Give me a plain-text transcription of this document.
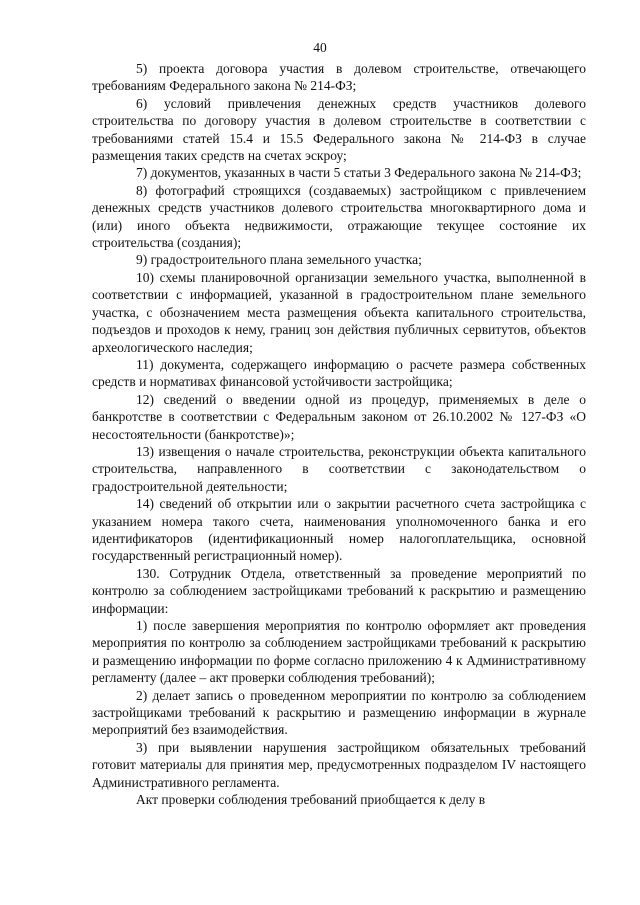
40

5) проекта договора участия в долевом строительстве, отвечающего требованиям Федерального закона № 214-ФЗ;

6) условий привлечения денежных средств участников долевого строительства по договору участия в долевом строительстве в соответствии с требованиями статей 15.4 и 15.5 Федерального закона № 214-ФЗ в случае размещения таких средств на счетах эскроу;

7) документов, указанных в части 5 статьи 3 Федерального закона № 214-ФЗ;

8) фотографий строящихся (создаваемых) застройщиком с привлечением денежных средств участников долевого строительства многоквартирного дома и (или) иного объекта недвижимости, отражающие текущее состояние их строительства (создания);

9) градостроительного плана земельного участка;

10) схемы планировочной организации земельного участка, выполненной в соответствии с информацией, указанной в градостроительном плане земельного участка, с обозначением места размещения объекта капитального строительства, подъездов и проходов к нему, границ зон действия публичных сервитутов, объектов археологического наследия;

11) документа, содержащего информацию о расчете размера собственных средств и нормативах финансовой устойчивости застройщика;

12) сведений о введении одной из процедур, применяемых в деле о банкротстве в соответствии с Федеральным законом от 26.10.2002 № 127-ФЗ «О несостоятельности (банкротстве)»;

13) извещения о начале строительства, реконструкции объекта капитального строительства, направленного в соответствии с законодательством о градостроительной деятельности;

14) сведений об открытии или о закрытии расчетного счета застройщика с указанием номера такого счета, наименования уполномоченного банка и его идентификаторов (идентификационный номер налогоплательщика, основной государственный регистрационный номер).

130. Сотрудник Отдела, ответственный за проведение мероприятий по контролю за соблюдением застройщиками требований к раскрытию и размещению информации:

1) после завершения мероприятия по контролю оформляет акт проведения мероприятия по контролю за соблюдением застройщиками требований к раскрытию и размещению информации по форме согласно приложению 4 к Административному регламенту (далее – акт проверки соблюдения требований);

2) делает запись о проведенном мероприятии по контролю за соблюдением застройщиками требований к раскрытию и размещению информации в журнале мероприятий без взаимодействия.

3) при выявлении нарушения застройщиком обязательных требований готовит материалы для принятия мер, предусмотренных подразделом IV настоящего Административного регламента.

Акт проверки соблюдения требований приобщается к делу в
